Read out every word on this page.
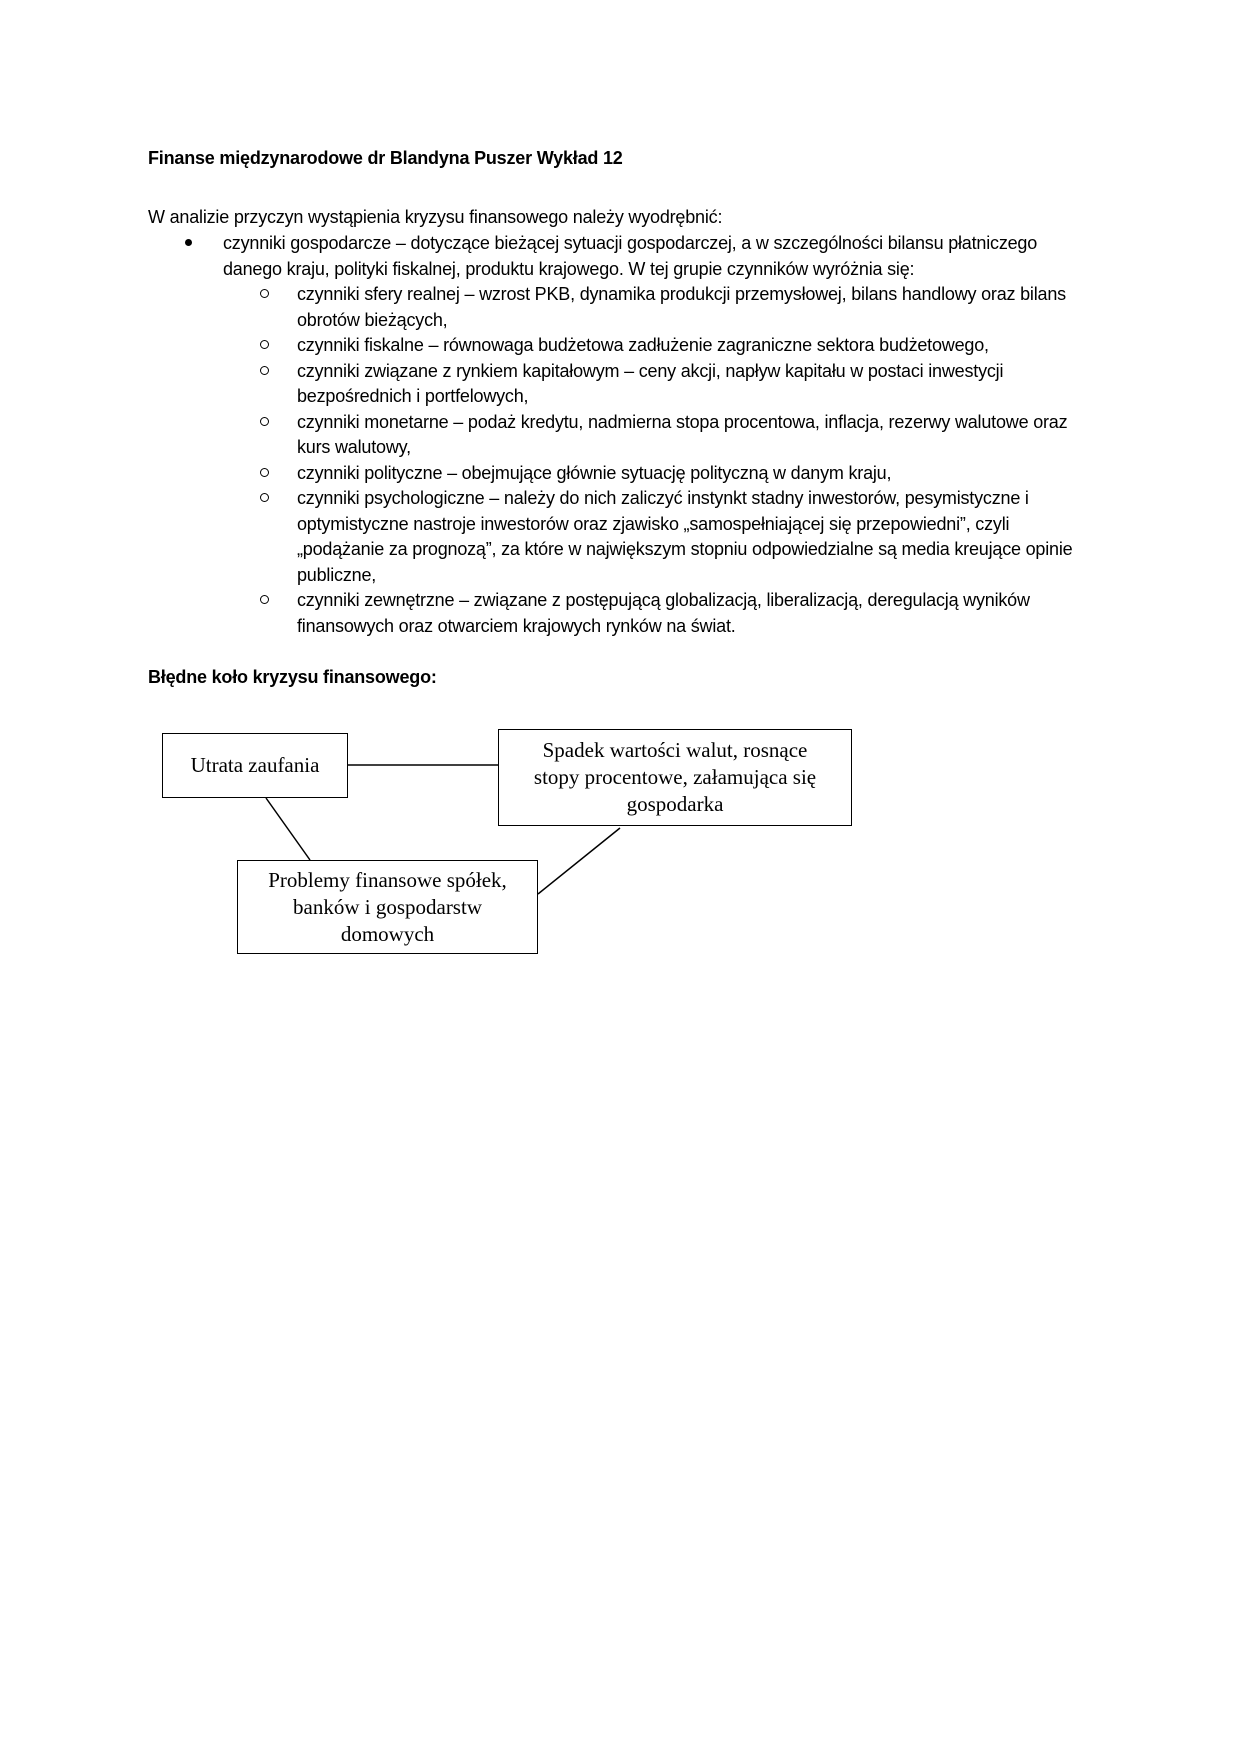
Finanse międzynarodowe dr Blandyna Puszer Wykład 12
W analizie przyczyn wystąpienia kryzysu finansowego należy wyodrębnić:
czynniki gospodarcze – dotyczące bieżącej sytuacji gospodarczej, a w szczególności bilansu płatniczego danego kraju, polityki fiskalnej, produktu krajowego. W tej grupie czynników wyróżnia się:
czynniki sfery realnej – wzrost PKB, dynamika produkcji przemysłowej, bilans handlowy oraz bilans obrotów bieżących,
czynniki fiskalne – równowaga budżetowa zadłużenie zagraniczne sektora budżetowego,
czynniki związane z rynkiem kapitałowym – ceny akcji, napływ kapitału w postaci inwestycji bezpośrednich i portfelowych,
czynniki monetarne – podaż kredytu, nadmierna stopa procentowa, inflacja, rezerwy walutowe oraz kurs walutowy,
czynniki polityczne – obejmujące głównie sytuację polityczną w danym kraju,
czynniki psychologiczne – należy do nich zaliczyć instynkt stadny inwestorów, pesymistyczne i optymistyczne nastroje inwestorów oraz zjawisko „samospełniającej się przepowiedni”, czyli „podążanie za prognozą”, za które w największym stopniu odpowiedzialne są media kreujące opinie publiczne,
czynniki zewnętrzne – związane z postępującą globalizacją, liberalizacją, deregulacją wyników finansowych oraz otwarciem krajowych rynków na świat.
Błędne koło kryzysu finansowego:
Utrata zaufania
Spadek wartości walut, rosnące
stopy procentowe, załamująca się
gospodarka
Problemy finansowe spółek,
banków i gospodarstw
domowych
